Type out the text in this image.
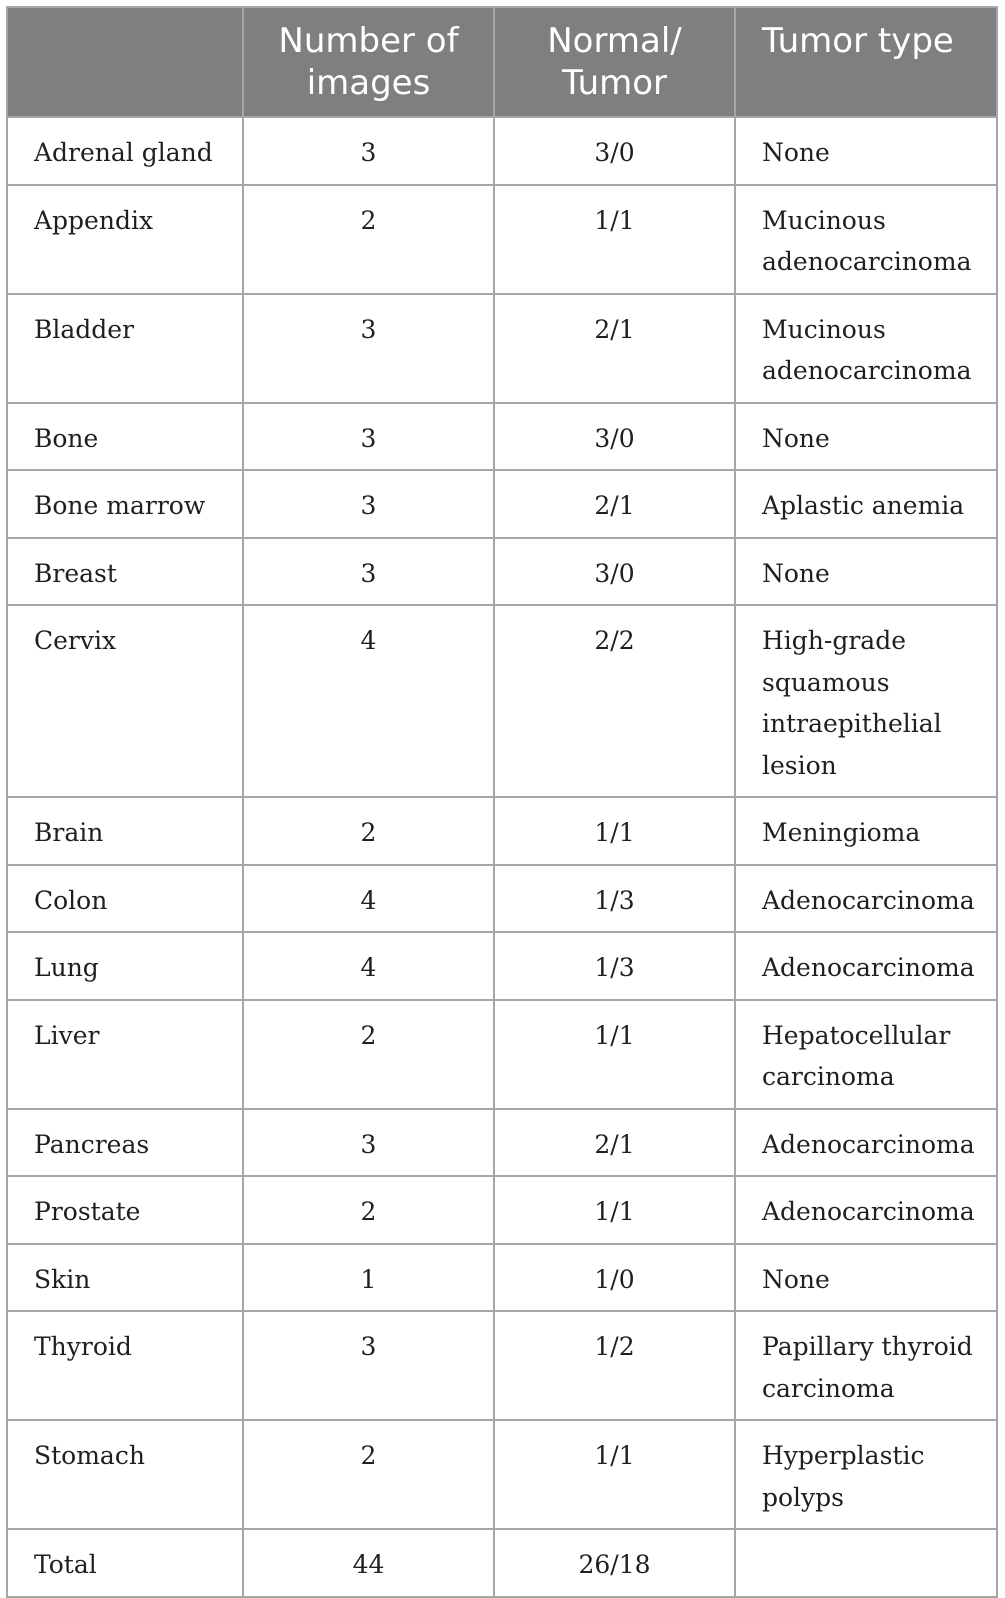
	Number of images	Normal/ Tumor	Tumor type
Adrenal gland	3	3/0	None
Appendix	2	1/1	Mucinous adenocarcinoma
Bladder	3	2/1	Mucinous adenocarcinoma
Bone	3	3/0	None
Bone marrow	3	2/1	Aplastic anemia
Breast	3	3/0	None
Cervix	4	2/2	High-grade squamous intraepithelial lesion
Brain	2	1/1	Meningioma
Colon	4	1/3	Adenocarcinoma
Lung	4	1/3	Adenocarcinoma
Liver	2	1/1	Hepatocellular carcinoma
Pancreas	3	2/1	Adenocarcinoma
Prostate	2	1/1	Adenocarcinoma
Skin	1	1/0	None
Thyroid	3	1/2	Papillary thyroid carcinoma
Stomach	2	1/1	Hyperplastic polyps
Total	44	26/18	
